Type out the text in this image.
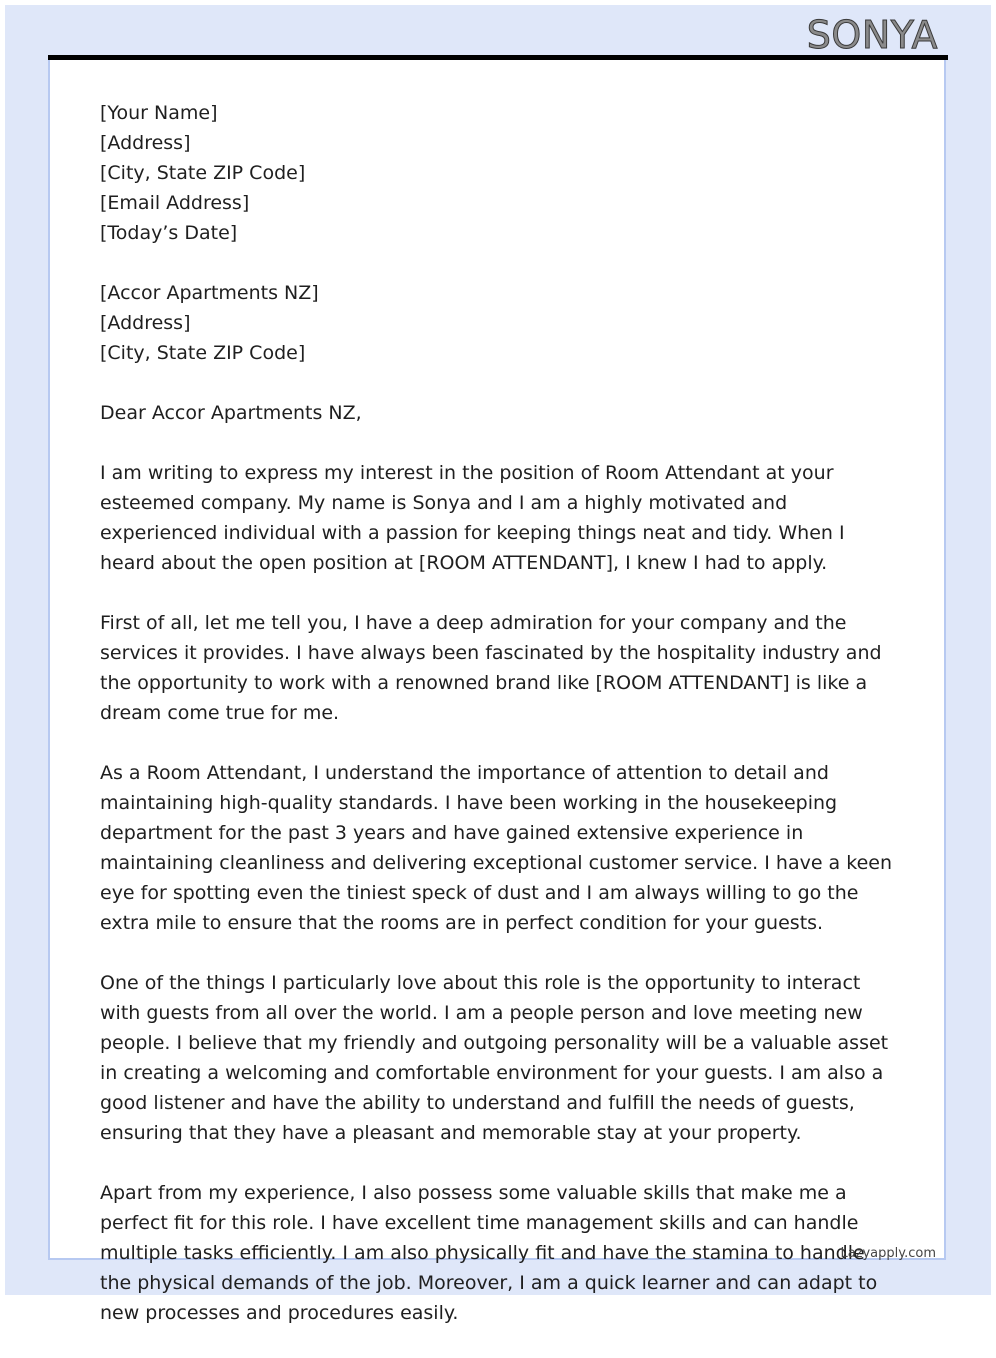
SONYA

[Your Name]

[Address]

[City, State ZIP Code]

[Email Address]

[Today’s Date]

[Accor Apartments NZ]

[Address]

[City, State ZIP Code]

Dear Accor Apartments NZ,

I am writing to express my interest in the position of Room Attendant at your esteemed company. My name is Sonya and I am a highly motivated and experienced individual with a passion for keeping things neat and tidy. When I heard about the open position at [ROOM ATTENDANT], I knew I had to apply.

First of all, let me tell you, I have a deep admiration for your company and the services it provides. I have always been fascinated by the hospitality industry and the opportunity to work with a renowned brand like [ROOM ATTENDANT] is like a dream come true for me.

As a Room Attendant, I understand the importance of attention to detail and maintaining high-quality standards. I have been working in the housekeeping department for the past 3 years and have gained extensive experience in maintaining cleanliness and delivering exceptional customer service. I have a keen eye for spotting even the tiniest speck of dust and I am always willing to go the extra mile to ensure that the rooms are in perfect condition for your guests.

One of the things I particularly love about this role is the opportunity to interact with guests from all over the world. I am a people person and love meeting new people. I believe that my friendly and outgoing personality will be a valuable asset in creating a welcoming and comfortable environment for your guests. I am also a good listener and have the ability to understand and fulfill the needs of guests, ensuring that they have a pleasant and memorable stay at your property.

Apart from my experience, I also possess some valuable skills that make me a perfect fit for this role. I have excellent time management skills and can handle multiple tasks efficiently. I am also physically fit and have the stamina to handle the physical demands of the job. Moreover, I am a quick learner and can adapt to new processes and procedures easily.

Lazyapply.com
